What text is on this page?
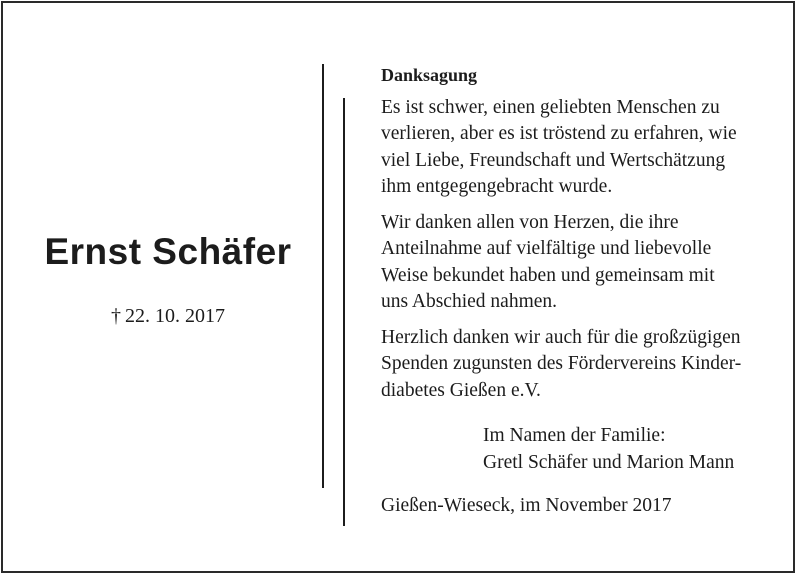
Ernst Schäfer
† 22. 10. 2017
Danksagung

Es ist schwer, einen geliebten Menschen zu

verlieren, aber es ist tröstend zu erfahren, wie

viel Liebe, Freundschaft und Wertschätzung

ihm entgegengebracht wurde.

Wir danken allen von Herzen, die ihre

Anteilnahme auf vielfältige und liebevolle

Weise bekundet haben und gemeinsam mit

uns Abschied nahmen.

Herzlich danken wir auch für die großzügigen

Spenden zugunsten des Fördervereins Kinder-

diabetes Gießen e.V.

Im Namen der Familie:
Gretl Schäfer und Marion Mann
Gießen-Wieseck, im November 2017
